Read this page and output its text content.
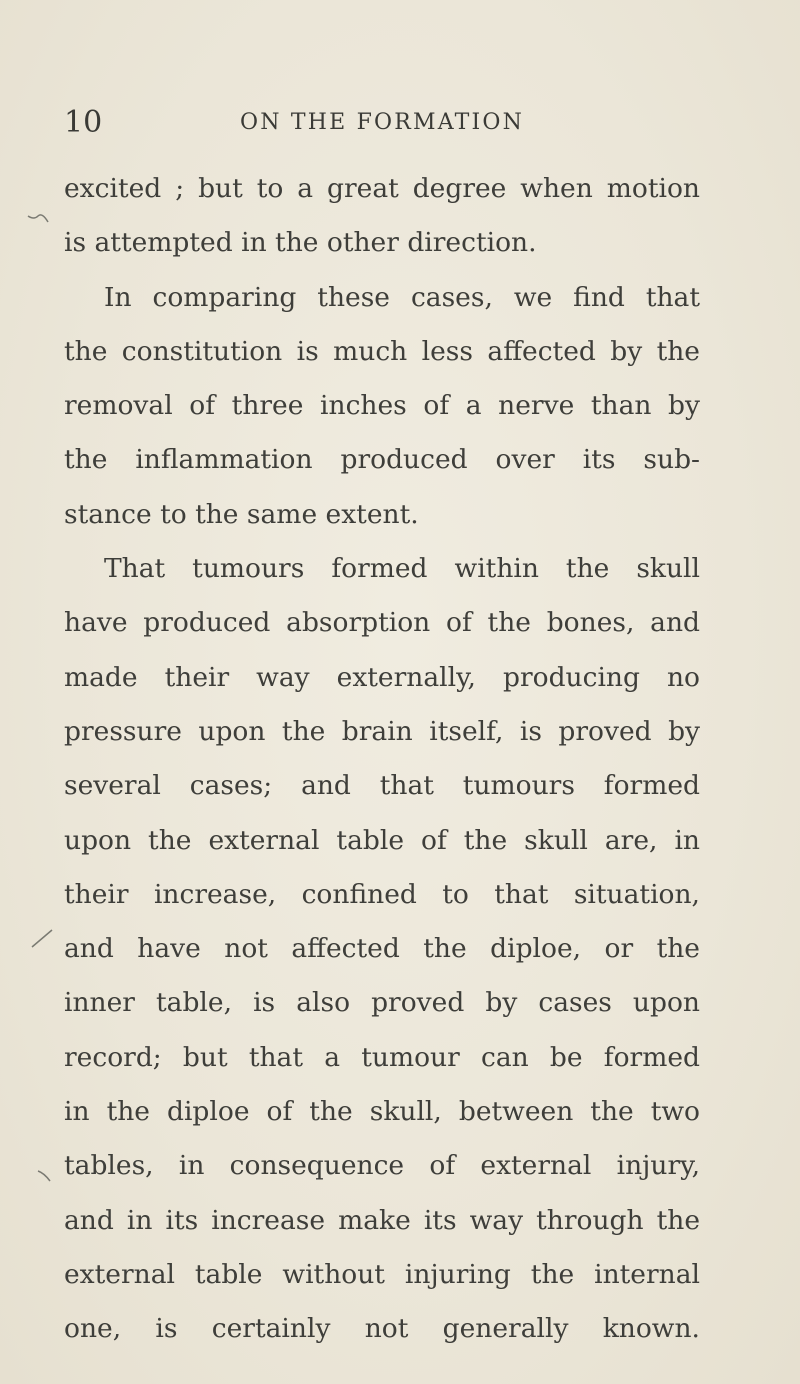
10	ON THE FORMATION
excited ; but to a great degree when motion
is attempted in the other direction.
In comparing these cases, we find that
the constitution is much less affected by the
removal of three inches of a nerve than by
the inflammation produced over its sub-
stance to the same extent.
That tumours formed within the skull
have produced absorption of the bones, and
made their way externally, producing no
pressure upon the brain itself, is proved by
several cases; and that tumours formed
upon the external table of the skull are, in
their increase, confined to that situation,
and have not affected the diploe, or the
inner table, is also proved by cases upon
record; but that a tumour can be formed
in the diploe of the skull, between the two
tables, in consequence of external injury,
and in its increase make its way through the
external table without injuring the internal
one, is certainly not generally known.
